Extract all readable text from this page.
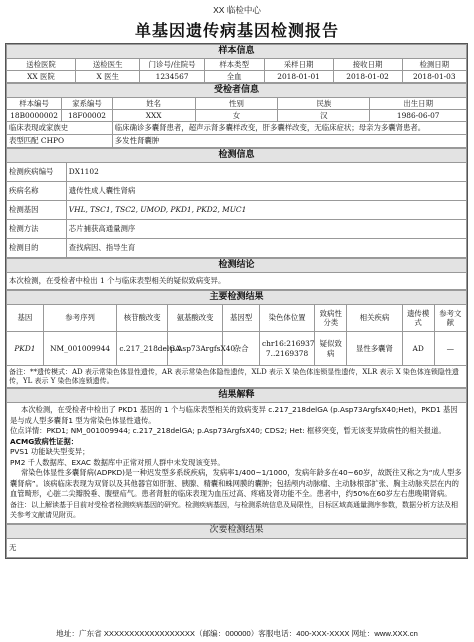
XX 临检中心
单基因遗传病基因检测报告
样本信息						
送检医院	送检医生	门诊号/住院号	样本类型	采样日期	接收日期	检测日期
XX 医院	X 医生	1234567	全血	2018-01-01	2018-01-02	2018-01-03
受检者信息					
样本编号	家系编号	姓名	性别	民族	出生日期
18B0000002	18F00002	XXX	女	汉	1986-06-07
临床表现或家族史		临床确诊多囊肾患者，超声示肾多囊样改变，肝多囊样改变，无临床症状；母亲为多囊肾患者。			
表型匹配 CHPO		多发性肾囊肿			
检测信息	
检测疾病编号	DX1102
疾病名称	遗传性成人囊性肾病
检测基因	VHL, TSC1, TSC2, UMOD, PKD1, PKD2, MUC1
检测方法	芯片捕获高通量测序
检测目的	查找病因、指导生育
检测结论
本次检测，在受检者中检出 1 个与临床表型相关的疑似致病变异。
主要检测结果									
基因	参考序列	核苷酸改变	氨基酸改变	基因型	染色体位置	致病性分类	相关疾病	遗传模式	参考文献
PKD1	NM_001009944	c.217_218delGA	p.Asp73ArgfsX40	杂合	chr16:216937 7..2169378	疑似致病	显性多囊肾	AD	—
备注：**遗传模式：AD 表示常染色体显性遗传，AR 表示常染色体隐性遗传，XLD 表示 X 染色体连锁显性遗传，XLR 表示 X 染色体连锁隐性遗传，YL 表示 Y 染色体连锁遗传。									
结果解释

本次检测，在受检者中检出了 PKD1 基因的 1 个与临床表型相关的致病变异 c.217_218delGA (p.Asp73ArgfsX40;Het)，PKD1 基因是与成人型多囊肾1 型为常染色体显性遗传。

位点详情：PKD1; NM_001009944; c.217_218delGA; p.Asp73ArgfsX40; CDS2; Het: 框移突变，暂无该变异致病性的相关报道。

ACMG致病性证据：

PVS1 功能缺失型变异；

PM2 千人数据库、EXAC 数据库中正常对照人群中未发现该变异。

常染色体显性多囊肾病(ADPKD)是一种迟发型多系统疾病，发病率1/400~1/1000，发病年龄多在40~60岁，故既往又称之为“成人型多囊肾病”。该病临床表现为双肾以及其他器官如肝脏、胰腺、精囊和蛛网膜的囊肿；包括颅内动脉瘤、主动脉根部扩张、胸主动脉夹层在内的血管畸形，心脏二尖瓣脱垂、腹壁疝气。患者肾脏的临床表现为血压过高、疼痛及肾功能不全。患者中，约50%在60岁左右患晚期肾病。

备注：以上解读基于目前对受检者检测疾病基因的研究。检测疾病基因，与检测系统信息及局限性，目标区域高通量测序参数，数据分析方法及相关参考文献请见附页。

次要检测结果
无
地址：广东省 XXXXXXXXXXXXXXXXXX（邮编：000000）客服电话：400-XXX-XXXX 网址：www.XXX.cn
